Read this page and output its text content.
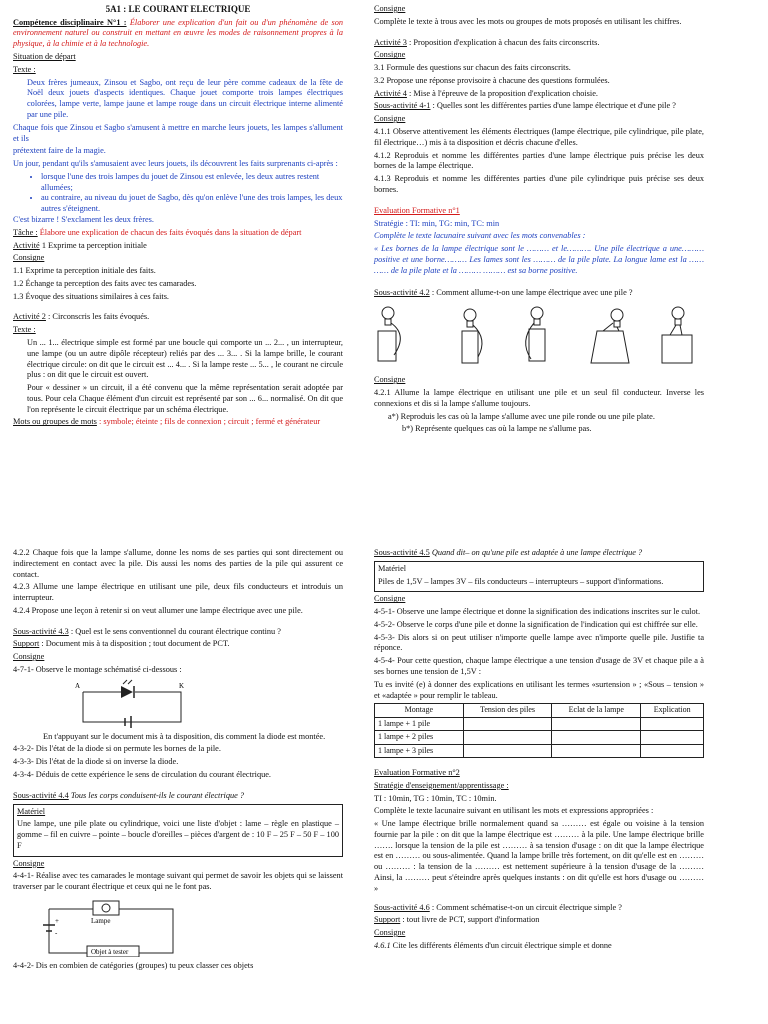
5A1 : LE COURANT ELECTRIQUE

Compétence disciplinaire N°1 : Élaborer une explication d'un fait ou d'un phénomène de son environnement naturel ou construit en mettant en œuvre les modes de raisonnement propres à la physique, à la chimie et à la technologie.

Situation de départ

Texte :

Deux frères jumeaux, Zinsou et Sagbo, ont reçu de leur père comme cadeaux de la fête de Noël deux jouets d'aspects identiques. Chaque jouet comporte trois lampes électriques colorées, lampe verte, lampe jaune et lampe rouge dans un circuit électrique interne alimenté par une pile.

Chaque fois que Zinsou et Sagbo s'amusent à mettre en marche leurs jouets, les lampes s'allument et ils

prétextent faire de la magie.

Un jour, pendant qu'ils s'amusaient avec leurs jouets, ils découvrent les faits surprenants ci-après :

• lorsque l'une des trois lampes du jouet de Zinsou est enlevée, les deux autres restent allumées;
• au contraire, au niveau du jouet de Sagbo, dès qu'on enlève l'une des trois lampes, les deux autres s'éteignent.

C'est bizarre ! S'exclament les deux frères.

Tâche : Élabore une explication de chacun des faits évoqués dans la situation de départ

Activité 1 Exprime ta perception initiale

Consigne

1.1 Exprime ta perception initiale des faits.

1.2 Échange ta perception des faits avec tes camarades.

1.3 Évoque des situations similaires à ces faits.

Activité 2 : Circonscris les faits évoqués.

Texte :

Un ... 1... électrique simple est formé par une boucle qui comporte un ... 2... , un interrupteur, une lampe (ou un autre dipôle récepteur) reliés par des ... 3... . Si la lampe brille, le courant électrique circule: on dit que le circuit est ... 4... . Si la lampe reste ... 5... , le courant ne circule plus : on dit que le circuit est ouvert.

Pour « dessiner » un circuit, il a été convenu que la même représentation serait adoptée par tous. Pour cela Chaque élément d'un circuit est représenté par son ... 6... normalisé. On dit que l'on représente le circuit électrique par un schéma électrique.

Mots ou groupes de mots : symbole; éteinte ; fils de connexion ; circuit ; fermé et générateur

Consigne

Complète le texte à trous avec les mots ou groupes de mots proposés en utilisant les chiffres.

Activité 3 : Proposition d'explication à chacun des faits circonscrits.

Consigne

3.1 Formule des questions sur chacun des faits circonscrits.

3.2 Propose une réponse provisoire à chacune des questions formulées.

Activité 4 : Mise à l'épreuve de la proposition d'explication choisie.

Sous-activité 4-1 : Quelles sont les différentes parties d'une lampe électrique et d'une pile ?

Consigne

4.1.1 Observe attentivement les éléments électriques (lampe électrique, pile cylindrique, pile plate, fil électrique…) mis à ta disposition et décris chacune d'elles.

4.1.2 Reproduis et nomme les différentes parties d'une lampe électrique puis précise les deux bornes de la lampe électrique.

4.1.3 Reproduis et nomme les différentes parties d'une pile cylindrique puis précise ses deux bornes.

Evaluation Formative n°1

Stratégie : TI: min, TG: min, TC: min

Complète le texte lacunaire suivant avec les mots convenables :

« Les bornes de la lampe électrique sont le ……… et le………. Une pile électrique a une………positive et une borne……… Les lames sont les ……… de la pile plate. La longue lame est la …… …… de la pile plate et la ……… ……… est sa borne positive.

Sous-activité 4.2 : Comment allume-t-on une lampe électrique avec une pile ?

Consigne

4.2.1 Allume la lampe électrique en utilisant une pile et un seul fil conducteur. Inverse les connexions et dis si la lampe s'allume toujours.

a*) Reproduis les cas où la lampe s'allume avec une pile ronde ou une pile plate.

b*) Représente quelques cas où la lampe ne s'allume pas.

4.2.2 Chaque fois que la lampe s'allume, donne les noms de ses parties qui sont directement ou indirectement en contact avec la pile. Dis aussi les noms des parties de la pile qui assurent ce contact.

4.2.3 Allume une lampe électrique en utilisant une pile, deux fils conducteurs et introduis un interrupteur.

4.2.4 Propose une leçon à retenir si on veut allumer une lampe électrique avec une pile.

Sous-activité 4.3 : Quel est le sens conventionnel du courant électrique continu ?

Support : Document mis à ta disposition ; tout document de PCT.

Consigne

4-7-1- Observe le montage schématisé ci-dessous :

A	K

En t'appuyant sur le document mis à ta disposition, dis comment la diode est montée.

4-3-2- Dis l'état de la diode si on permute les bornes de la pile.

4-3-3- Dis l'état de la diode si on inverse la diode.

4-3-4- Déduis de cette expérience le sens de circulation du courant électrique.

Sous-activité 4.4 Tous les corps conduisent-ils le courant électrique ?

Matériel

Une lampe, une pile plate ou cylindrique, voici une liste d'objet : lame – règle en plastique – gomme – fil en cuivre – pointe – boucle d'oreilles – pièces d'argent de : 10 F – 25 F – 50 F – 100 F

Consigne

4-4-1- Réalise avec tes camarades le montage suivant qui permet de savoir les objets qui se laissent traverser par le courant électrique et ceux qui ne le font pas.

Lampe
+
-
Objet à tester

4-4-2- Dis en combien de catégories (groupes) tu peux classer ces objets

Sous-activité 4.5 Quand dit– on qu'une pile est adaptée à une lampe électrique ?

Matériel

Piles de 1,5V – lampes 3V – fils conducteurs – interrupteurs – support d'informations.

Consigne

4-5-1- Observe une lampe électrique et donne la signification des indications inscrites sur le culot.

4-5-2- Observe le corps d'une pile et donne la signification de l'indication qui est chiffrée sur elle.

4-5-3- Dis alors si on peut utiliser n'importe quelle lampe avec n'importe quelle pile. Justifie ta réponce.

4-5-4- Pour cette question, chaque lampe électrique a une tension d'usage de 3V et chaque pile a à ses bornes une tension de 1,5V :

Tu es invité (e) à donner des explications en utilisant les termes «surtension » ; «Sous – tension » et «adaptée » pour remplir le tableau.

Montage	Tension des piles	Eclat de la lampe	Explication
1 lampe + 1 pile			
1 lampe + 2 piles			
1 lampe + 3 piles			

Evaluation Formative n°2

Stratégie d'enseignement/apprentissage :

TI : 10min, TG : 10min, TC : 10min.

Complète le texte lacunaire suivant en utilisant les mots et expressions appropriées :

« Une lampe électrique brille normalement quand sa ……… est égale ou voisine à la tension fournie par la pile : on dit que la lampe électrique est ……… à la pile. Une lampe électrique brille ……. lorsque la tension de la pile est ……… à sa tension d'usage : on dit que la lampe électrique est en ……… ou sous-alimentée. Quand la lampe brille très fortement, on dit qu'elle est en ……… ou ……… : la tension de la ……… est nettement supérieure à la tension d'usage de la ……… Ainsi, la ……… peut s'éteindre après quelques instants : on dit qu'elle est hors d'usage ou ……… »

Sous-activité 4.6 : Comment schématise-t-on un circuit électrique simple ?

Support : tout livre de PCT, support d'information

Consigne

4.6.1 Cite les différents éléments d'un circuit électrique simple et donne
